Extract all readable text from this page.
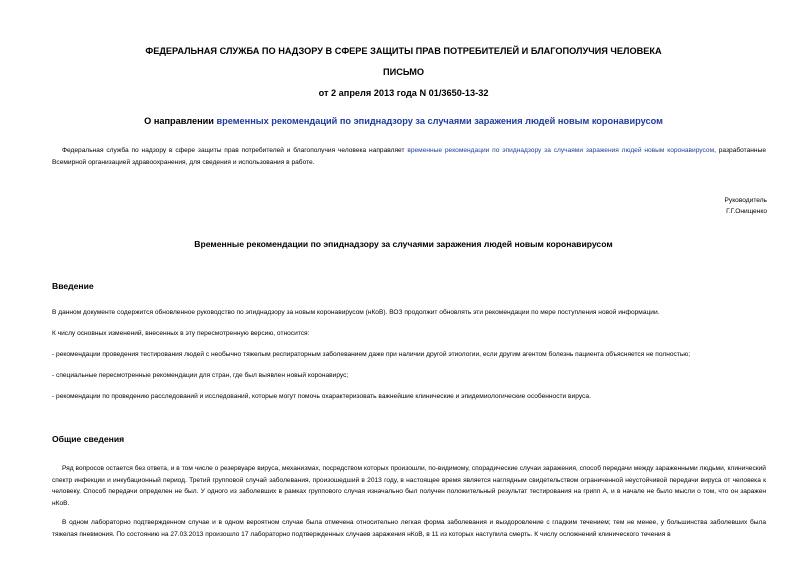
ФЕДЕРАЛЬНАЯ СЛУЖБА ПО НАДЗОРУ В СФЕРЕ ЗАЩИТЫ ПРАВ ПОТРЕБИТЕЛЕЙ И БЛАГОПОЛУЧИЯ ЧЕЛОВЕКА
ПИСЬМО
от 2 апреля 2013 года N 01/3650-13-32
О направлении временных рекомендаций по эпиднадзору за случаями заражения людей новым коронавирусом
Федеральная служба по надзору в сфере защиты прав потребителей и благополучия человека направляет временные рекомендации по эпиднадзору за случаями заражения людей новым коронавирусом, разработанные Всемирной организацией здравоохранения, для сведения и использования в работе.
Руководитель
Г.Г.Онищенко
Временные рекомендации по эпиднадзору за случаями заражения людей новым коронавирусом
Введение
В данном документе содержится обновленное руководство по эпиднадзору за новым коронавирусом (нКоВ). ВОЗ продолжит обновлять эти рекомендации по мере поступления новой информации.
К числу основных изменений, внесенных в эту пересмотренную версию, относится:
- рекомендации проведения тестирования людей с необычно тяжелым респираторным заболеванием даже при наличии другой этиологии, если другим агентом болезнь пациента объясняется не полностью;
- специальные пересмотренные рекомендации для стран, где был выявлен новый коронавирус;
- рекомендации по проведению расследований и исследований, которые могут помочь охарактеризовать важнейшие клинические и эпидемиологические особенности вируса.
Общие сведения
Ряд вопросов остается без ответа, и в том числе о резервуаре вируса, механизмах, посредством которых произошли, по-видимому, спорадические случаи заражения, способ передачи между зараженными людьми, клинический спектр инфекции и инкубационный период. Третий групповой случай заболевания, произошедший в 2013 году, в настоящее время является наглядным свидетельством ограниченной неустойчивой передачи вируса от человека к человеку. Способ передачи определен не был. У одного из заболевших в рамках группового случая изначально был получен положительный результат тестирования на грипп А, и в начале не было мысли о том, что он заражен нКоВ.
В одном лабораторно подтвержденном случае и в одном вероятном случае была отмечена относительно легкая форма заболевания и выздоровление с гладким течением; тем не менее, у большинства заболевших была тяжелая пневмония. По состоянию на 27.03.2013 произошло 17 лабораторно подтвержденных случаев заражения нКоВ, в 11 из которых наступила смерть. К числу осложнений клинического течения в
